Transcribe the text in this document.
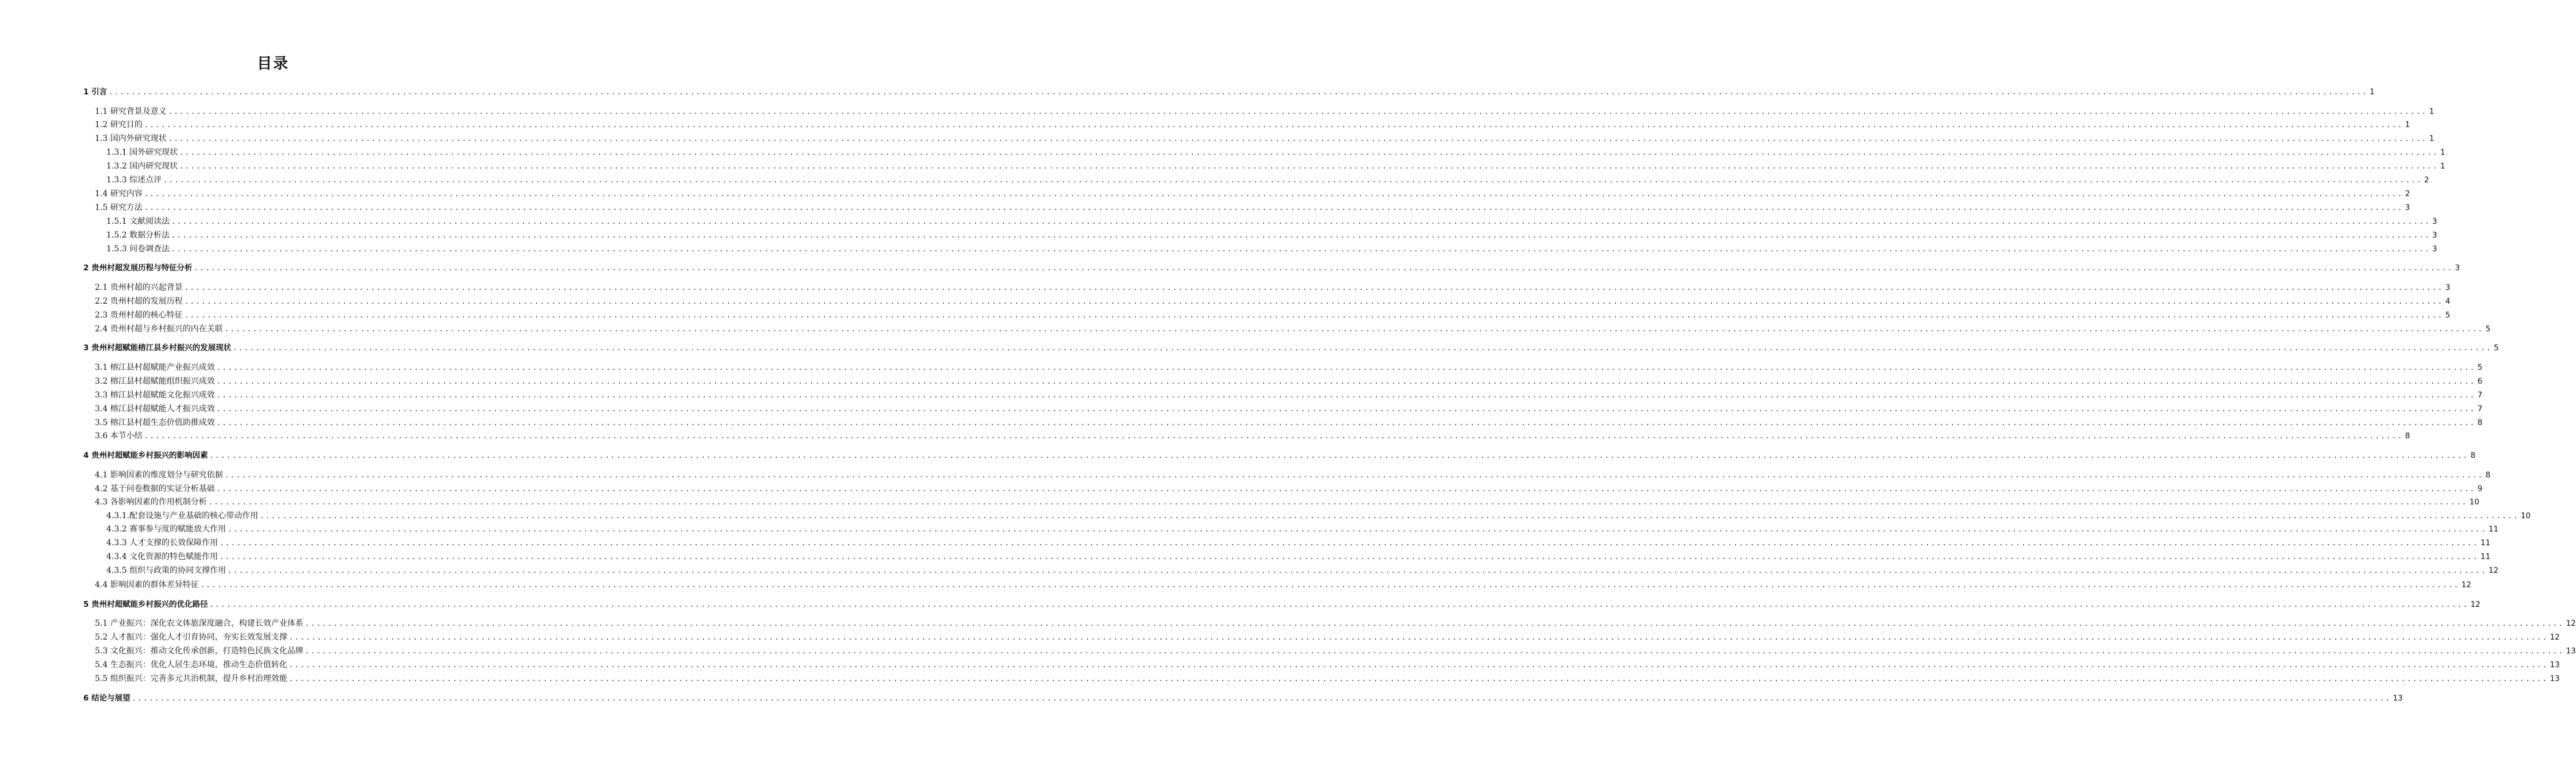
目录
1 引言 ................................................................................................................................................................................................................................................................................................................................................................................................................ 1
1.1 研究背景及意义 ................................................................................................................................................................................................................................................................................................................................................................................................................ 1
1.2 研究目的 ................................................................................................................................................................................................................................................................................................................................................................................................................ 1
1.3 国内外研究现状 ................................................................................................................................................................................................................................................................................................................................................................................................................ 1
1.3.1 国外研究现状 ................................................................................................................................................................................................................................................................................................................................................................................................................ 1
1.3.2 国内研究现状 ................................................................................................................................................................................................................................................................................................................................................................................................................ 1
1.3.3 综述点评 ................................................................................................................................................................................................................................................................................................................................................................................................................ 2
1.4 研究内容 ................................................................................................................................................................................................................................................................................................................................................................................................................ 2
1.5 研究方法 ................................................................................................................................................................................................................................................................................................................................................................................................................ 3
1.5.1 文献阅读法 ................................................................................................................................................................................................................................................................................................................................................................................................................ 3
1.5.2 数据分析法 ................................................................................................................................................................................................................................................................................................................................................................................................................ 3
1.5.3 问卷调查法 ................................................................................................................................................................................................................................................................................................................................................................................................................ 3
2 贵州村超发展历程与特征分析 ................................................................................................................................................................................................................................................................................................................................................................................................................ 3
2.1 贵州村超的兴起背景 ................................................................................................................................................................................................................................................................................................................................................................................................................ 3
2.2 贵州村超的发展历程 ................................................................................................................................................................................................................................................................................................................................................................................................................ 4
2.3 贵州村超的核心特征 ................................................................................................................................................................................................................................................................................................................................................................................................................ 5
2.4 贵州村超与乡村振兴的内在关联 ................................................................................................................................................................................................................................................................................................................................................................................................................ 5
3 贵州村超赋能榕江县乡村振兴的发展现状 ................................................................................................................................................................................................................................................................................................................................................................................................................ 5
3.1 榕江县村超赋能产业振兴成效 ................................................................................................................................................................................................................................................................................................................................................................................................................ 5
3.2 榕江县村超赋能组织振兴成效 ................................................................................................................................................................................................................................................................................................................................................................................................................ 6
3.3 榕江县村超赋能文化振兴成效 ................................................................................................................................................................................................................................................................................................................................................................................................................ 7
3.4 榕江县村超赋能人才振兴成效 ................................................................................................................................................................................................................................................................................................................................................................................................................ 7
3.5 榕江县村超生态价值助推成效 ................................................................................................................................................................................................................................................................................................................................................................................................................ 8
3.6 本节小结 ................................................................................................................................................................................................................................................................................................................................................................................................................ 8
4 贵州村超赋能乡村振兴的影响因素 ................................................................................................................................................................................................................................................................................................................................................................................................................ 8
4.1 影响因素的维度划分与研究依据 ................................................................................................................................................................................................................................................................................................................................................................................................................ 8
4.2 基于问卷数据的实证分析基础 ................................................................................................................................................................................................................................................................................................................................................................................................................ 9
4.3 各影响因素的作用机制分析 ................................................................................................................................................................................................................................................................................................................................................................................................................ 10
4.3.1.配套设施与产业基础的核心带动作用 ................................................................................................................................................................................................................................................................................................................................................................................................................ 10
4.3.2 赛事参与度的赋能放大作用 ................................................................................................................................................................................................................................................................................................................................................................................................................ 11
4.3.3 人才支撑的长效保障作用 ................................................................................................................................................................................................................................................................................................................................................................................................................ 11
4.3.4 文化资源的特色赋能作用 ................................................................................................................................................................................................................................................................................................................................................................................................................ 11
4.3.5 组织与政策的协同支撑作用 ................................................................................................................................................................................................................................................................................................................................................................................................................ 12
4.4 影响因素的群体差异特征 ................................................................................................................................................................................................................................................................................................................................................................................................................ 12
5 贵州村超赋能乡村振兴的优化路径 ................................................................................................................................................................................................................................................................................................................................................................................................................ 12
5.1 产业振兴：深化农文体旅深度融合，构建长效产业体系 ................................................................................................................................................................................................................................................................................................................................................................................................................ 12
5.2 人才振兴：强化人才引育协同，夯实长效发展支撑 ................................................................................................................................................................................................................................................................................................................................................................................................................ 12
5.3 文化振兴：推动文化传承创新，打造特色民族文化品牌 ................................................................................................................................................................................................................................................................................................................................................................................................................ 13
5.4 生态振兴：优化人居生态环境，推动生态价值转化 ................................................................................................................................................................................................................................................................................................................................................................................................................ 13
5.5 组织振兴：完善多元共治机制，提升乡村治理效能 ................................................................................................................................................................................................................................................................................................................................................................................................................ 13
6 结论与展望 ................................................................................................................................................................................................................................................................................................................................................................................................................ 13
